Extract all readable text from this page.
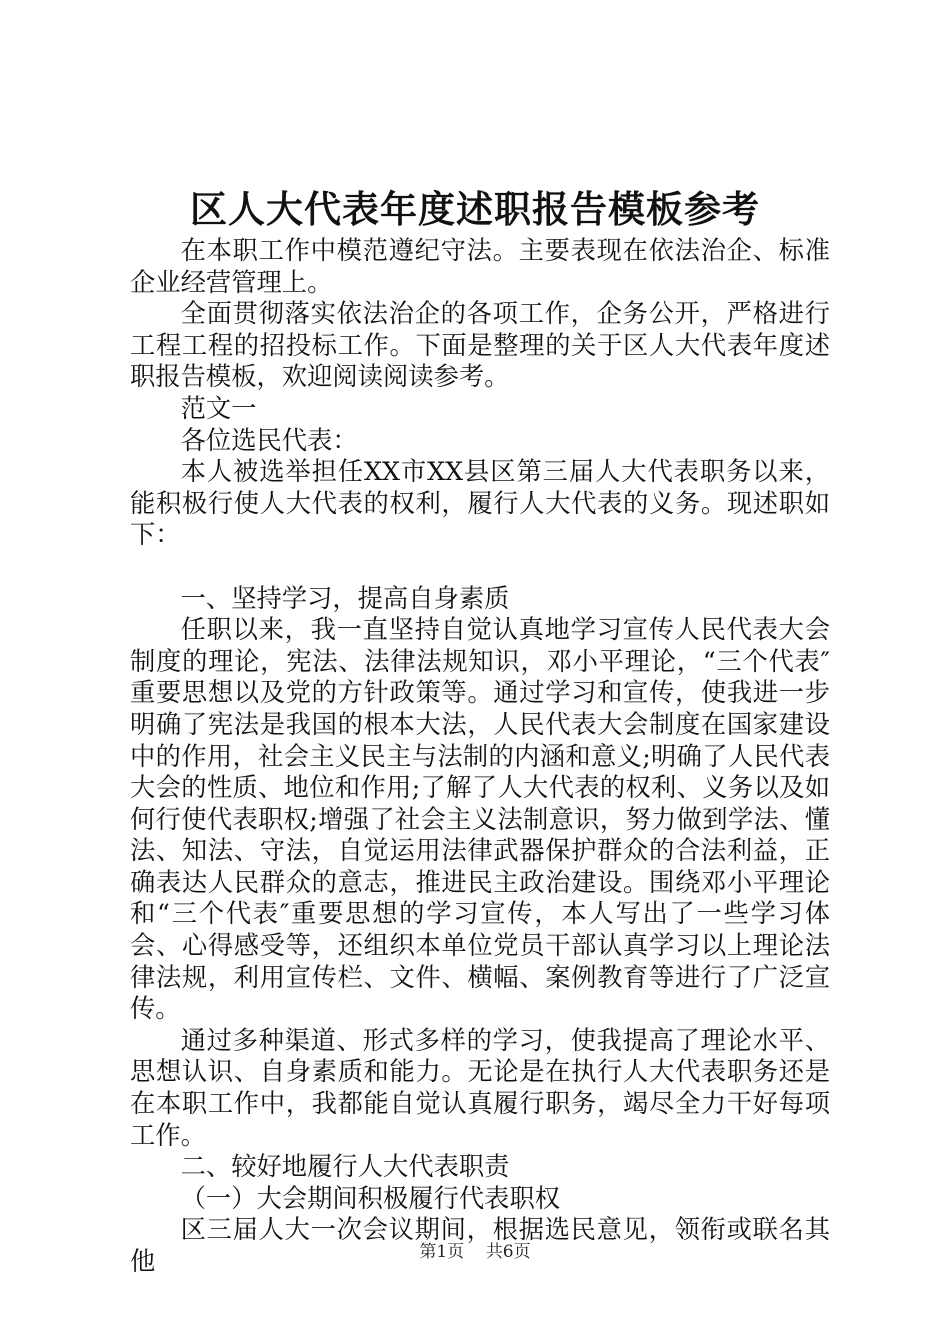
区人大代表年度述职报告模板参考

在本职工作中模范遵纪守法。主要表现在依法治企、标准企业经营管理上。

全面贯彻落实依法治企的各项工作，企务公开，严格进行工程工程的招投标工作。下面是整理的关于区人大代表年度述职报告模板，欢迎阅读阅读参考。

范文一

各位选民代表：

本人被选举担任XX市XX县区第三届人大代表职务以来，能积极行使人大代表的权利，履行人大代表的义务。现述职如下：

一、坚持学习，提高自身素质

任职以来，我一直坚持自觉认真地学习宣传人民代表大会制度的理论，宪法、法律法规知识，邓小平理论，“三个代表″重要思想以及党的方针政策等。通过学习和宣传，使我进一步明确了宪法是我国的根本大法，人民代表大会制度在国家建设中的作用，社会主义民主与法制的内涵和意义;明确了人民代表大会的性质、地位和作用;了解了人大代表的权利、义务以及如何行使代表职权;增强了社会主义法制意识，努力做到学法、懂法、知法、守法，自觉运用法律武器保护群众的合法利益，正确表达人民群众的意志，推进民主政治建设。围绕邓小平理论和“三个代表″重要思想的学习宣传，本人写出了一些学习体会、心得感受等，还组织本单位党员干部认真学习以上理论法律法规，利用宣传栏、文件、横幅、案例教育等进行了广泛宣传。

通过多种渠道、形式多样的学习，使我提高了理论水平、思想认识、自身素质和能力。无论是在执行人大代表职务还是在本职工作中，我都能自觉认真履行职务，竭尽全力干好每项工作。

二、较好地履行人大代表职责

（一）大会期间积极履行代表职权

区三届人大一次会议期间，根据选民意见，领衔或联名其他	第1页 共6页
